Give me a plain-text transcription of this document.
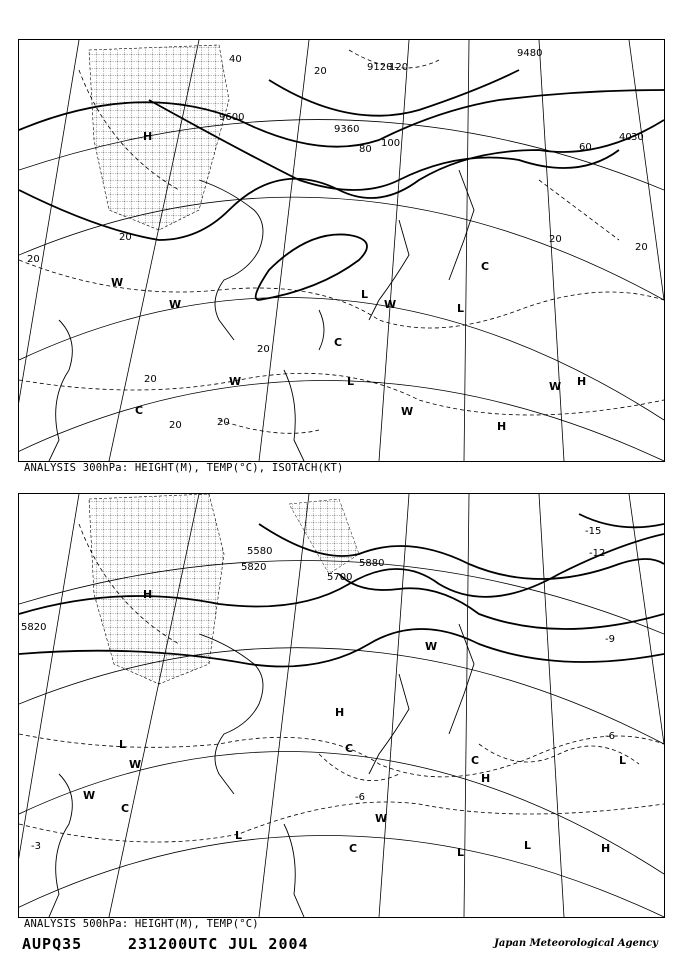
9600
9360
9120
9480
20
40
60
80
100
120
20
20
20
20
20
40 30
20
20
20
H
H
H
L
L
L
W
W
W
W
W
W
C
C
C
ANALYSIS 300hPa: HEIGHT(M), TEMP(°C), ISOTACH(KT)
5820	5880
5700
5580
5820
-15
-12
-9
-6
-3
-6
H
H
H
H
L
L
L
L
L
W
W
W
W
C
C
C
C
ANALYSIS 500hPa: HEIGHT(M), TEMP(°C)
AUPQ35	231200UTC JUL 2004	Japan Meteorological Agency
